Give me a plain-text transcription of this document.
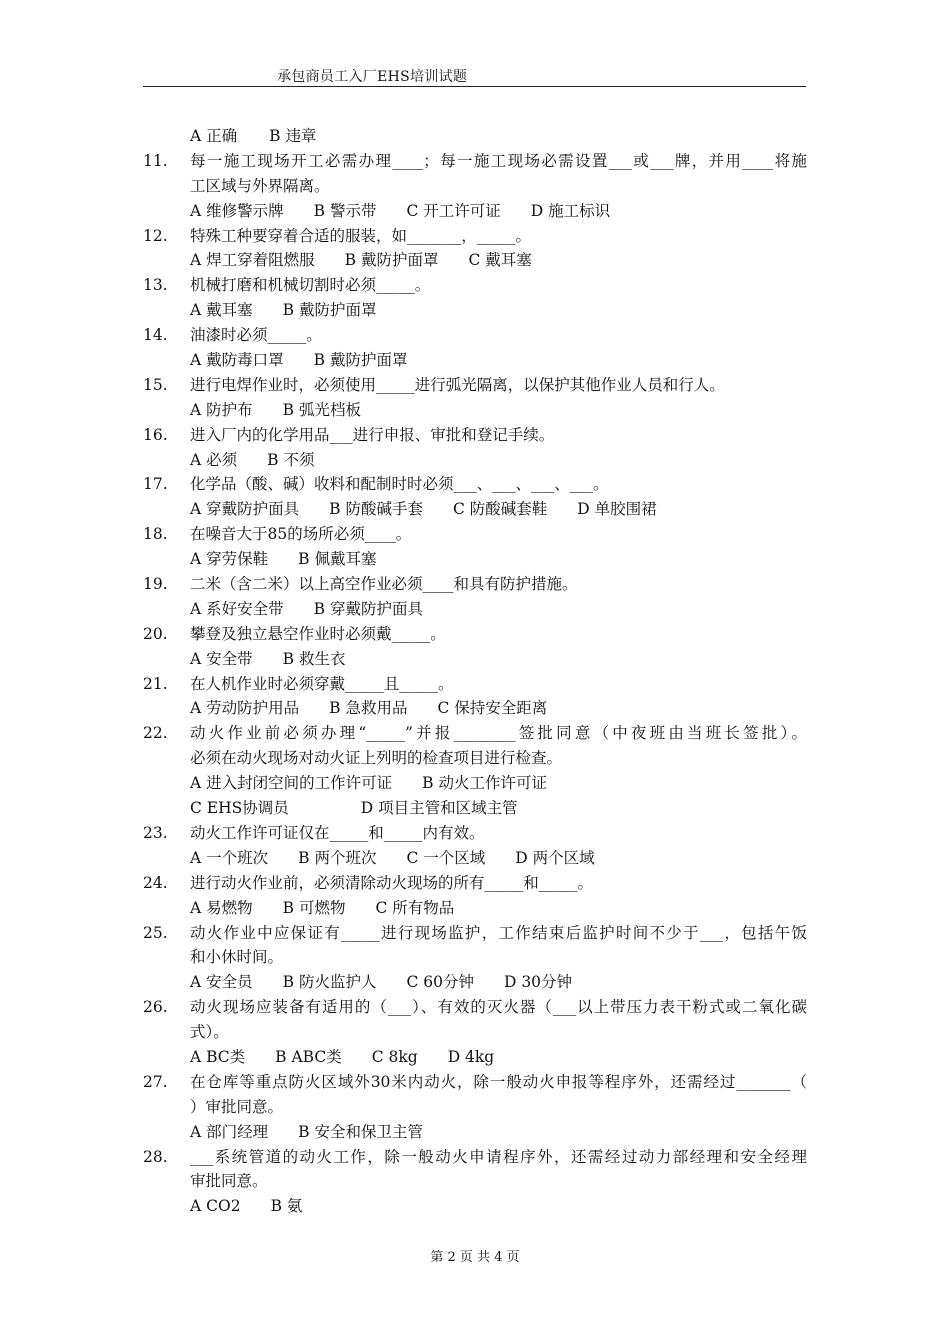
承包商员工入厂EHS培训试题
A 正确 B 违章
11.	每一施工现场开工必需办理____；每一施工现场必需设置___或___牌，并用____将施
工区域与外界隔离。
A 维修警示牌 B 警示带 C 开工许可证 D 施工标识
12.	特殊工种要穿着合适的服装，如_______，_____。
A 焊工穿着阻燃服 B 戴防护面罩 C 戴耳塞
13.	机械打磨和机械切割时必须_____。
A 戴耳塞 B 戴防护面罩
14.	油漆时必须_____。
A 戴防毒口罩 B 戴防护面罩
15.	进行电焊作业时，必须使用_____进行弧光隔离，以保护其他作业人员和行人。
A 防护布 B 弧光档板
16.	进入厂内的化学用品___进行申报、审批和登记手续。
A 必须 B 不须
17.	化学品（酸、碱）收料和配制时时必须___、___、___、___。
A 穿戴防护面具 B 防酸碱手套 C 防酸碱套鞋 D 单胶围裙
18.	在噪音大于85的场所必须____。
A 穿劳保鞋 B 佩戴耳塞
19.	二米（含二米）以上高空作业必须____和具有防护措施。
A 系好安全带 B 穿戴防护面具
20.	攀登及独立悬空作业时必须戴_____。
A 安全带 B 救生衣
21.	在人机作业时必须穿戴_____且_____。
A 劳动防护用品 B 急救用品 C 保持安全距离
22.	动火作业前必须办理“_____”并报________签批同意（中夜班由当班长签批）。
必须在动火现场对动火证上列明的检查项目进行检查。
A 进入封闭空间的工作许可证 B 动火工作许可证
C EHS协调员	D 项目主管和区域主管
23.	动火工作许可证仅在_____和_____内有效。
A 一个班次 B 两个班次 C 一个区域 D 两个区域
24.	进行动火作业前，必须清除动火现场的所有_____和_____。
A 易燃物 B 可燃物 C 所有物品
25.	动火作业中应保证有_____进行现场监护，工作结束后监护时间不少于___，包括午饭
和小休时间。
A 安全员 B 防火监护人 C 60分钟 D 30分钟
26.	动火现场应装备有适用的（___）、有效的灭火器（___以上带压力表干粉式或二氧化碳
式）。
A BC类 B ABC类 C 8kg D 4kg
27.	在仓库等重点防火区域外30米内动火，除一般动火申报等程序外，还需经过_______（
）审批同意。
A 部门经理 B 安全和保卫主管
28.	___系统管道的动火工作，除一般动火申请程序外，还需经过动力部经理和安全经理
审批同意。
A CO2 B 氨
第 2 页 共 4 页
